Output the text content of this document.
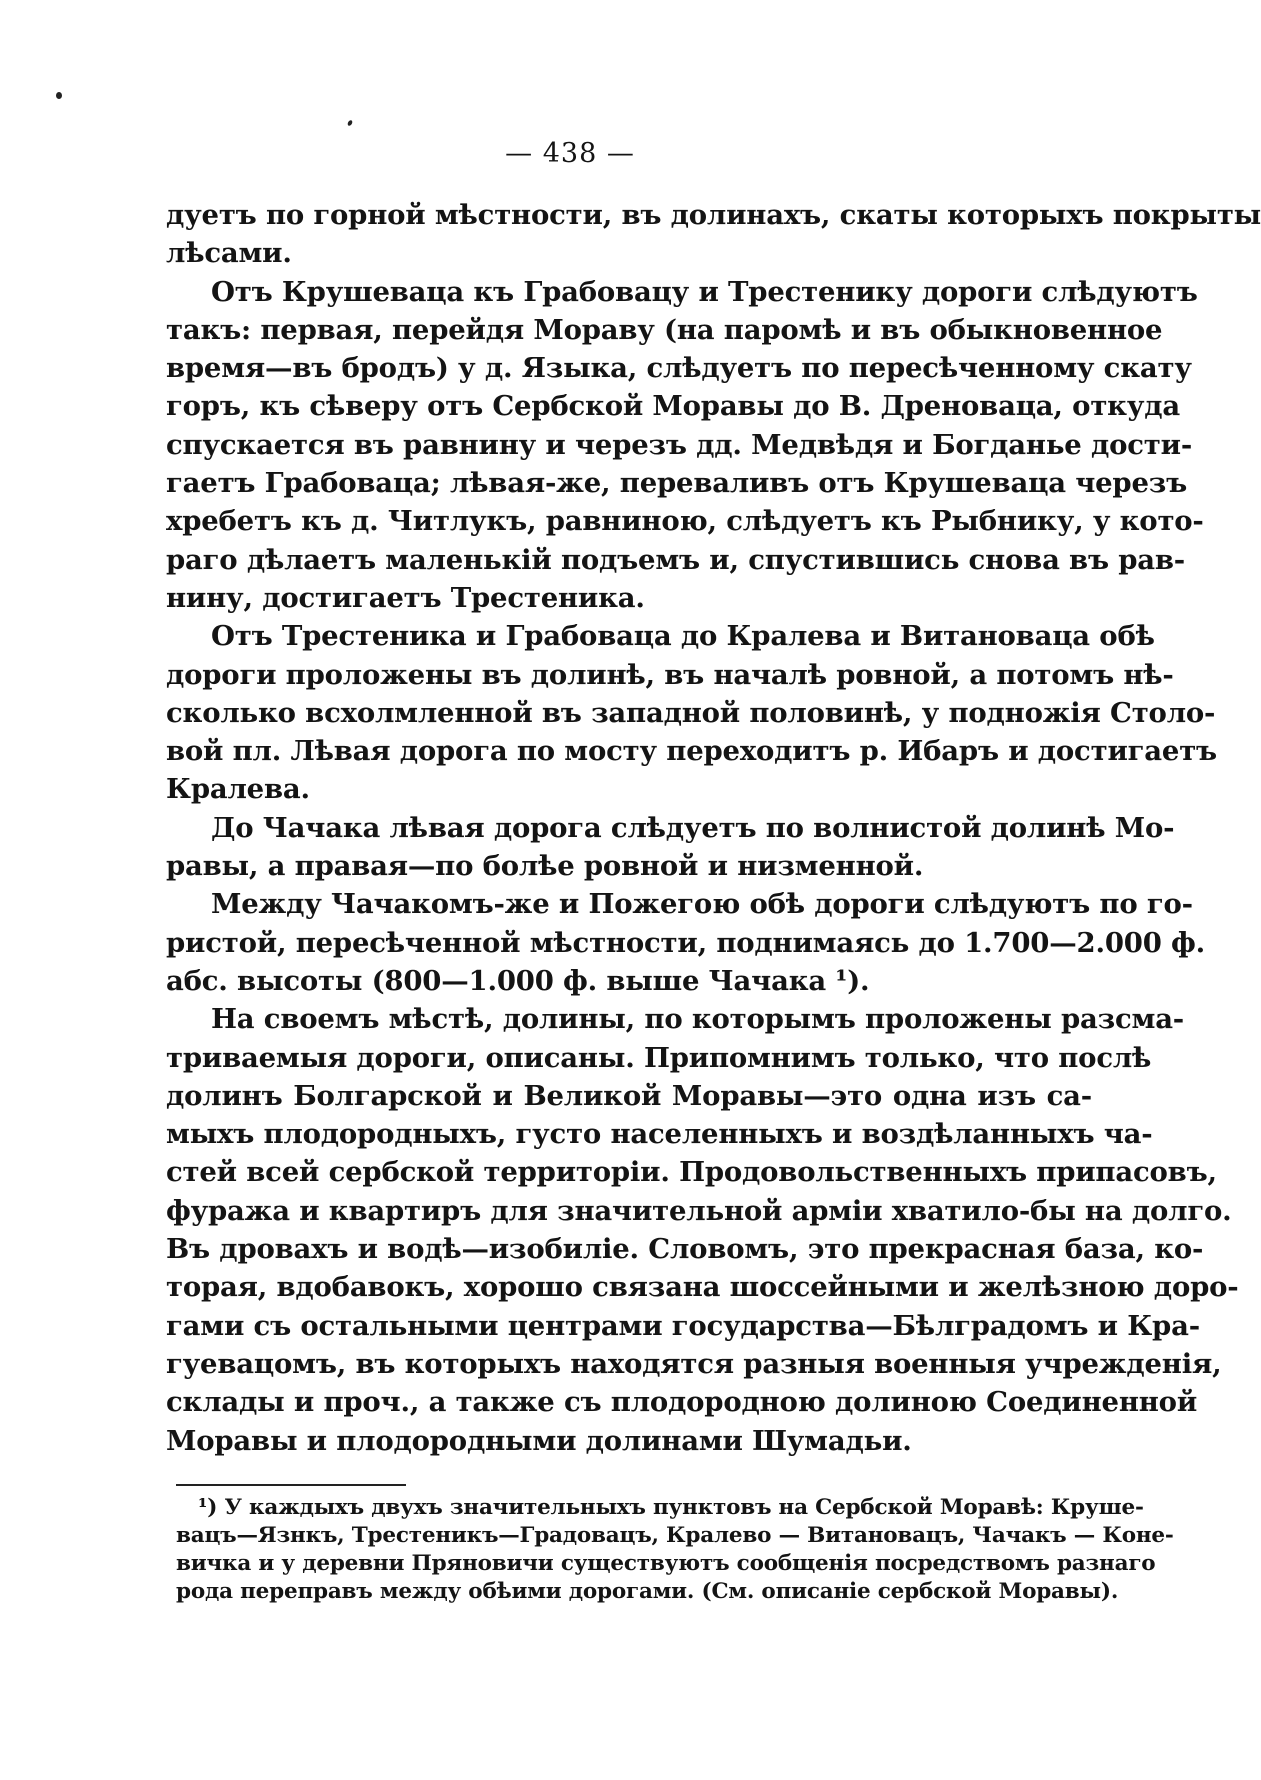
— 438 —
дуетъ по горной мѣстности, въ долинахъ, скаты которыхъ покрыты
лѣсами.
Отъ Крушеваца къ Грабовацу и Трестенику дороги слѣдуютъ
такъ: первая, перейдя Мораву (на паромѣ и въ обыкновенное
время—въ бродъ) у д. Языка, слѣдуетъ по пересѣченному скату
горъ, къ сѣверу отъ Сербской Моравы до В. Дреноваца, откуда
спускается въ равнину и черезъ дд. Медвѣдя и Богданье дости-
гаетъ Грабоваца; лѣвая-же, переваливъ отъ Крушеваца черезъ
хребетъ къ д. Читлукъ, равниною, слѣдуетъ къ Рыбнику, у кото-
раго дѣлаетъ маленькій подъемъ и, спустившись снова въ рав-
нину, достигаетъ Трестеника.
Отъ Трестеника и Грабоваца до Кралева и Витановаца обѣ
дороги проложены въ долинѣ, въ началѣ ровной, а потомъ нѣ-
сколько всхолмленной въ западной половинѣ, у подножія Столо-
вой пл. Лѣвая дорога по мосту переходитъ р. Ибаръ и достигаетъ
Кралева.
До Чачака лѣвая дорога слѣдуетъ по волнистой долинѣ Мо-
равы, а правая—по болѣе ровной и низменной.
Между Чачакомъ-же и Пожегою обѣ дороги слѣдуютъ по го-
ристой, пересѣченной мѣстности, поднимаясь до 1.700—2.000 ф.
абс. высоты (800—1.000 ф. выше Чачака ¹).
На своемъ мѣстѣ, долины, по которымъ проложены разсма-
триваемыя дороги, описаны. Припомнимъ только, что послѣ
долинъ Болгарской и Великой Моравы—это одна изъ са-
мыхъ плодородныхъ, густо населенныхъ и воздѣланныхъ ча-
стей всей сербской территоріи. Продовольственныхъ припасовъ,
фуража и квартиръ для значительной арміи хватило-бы на долго.
Въ дровахъ и водѣ—изобиліе. Словомъ, это прекрасная база, ко-
торая, вдобавокъ, хорошо связана шоссейными и желѣзною доро-
гами съ остальными центрами государства—Бѣлградомъ и Кра-
гуевацомъ, въ которыхъ находятся разныя военныя учрежденія,
склады и проч., а также съ плодородною долиною Соединенной
Моравы и плодородными долинами Шумадьи.
¹) У каждыхъ двухъ значительныхъ пунктовъ на Сербской Моравѣ: Круше-
вацъ—Язнкъ, Трестеникъ—Градовацъ, Кралево — Витановацъ, Чачакъ — Коне-
вичка и у деревни Пряновичи существуютъ сообщенія посредствомъ разнаго
рода переправъ между обѣими дорогами. (См. описаніе сербской Моравы).
